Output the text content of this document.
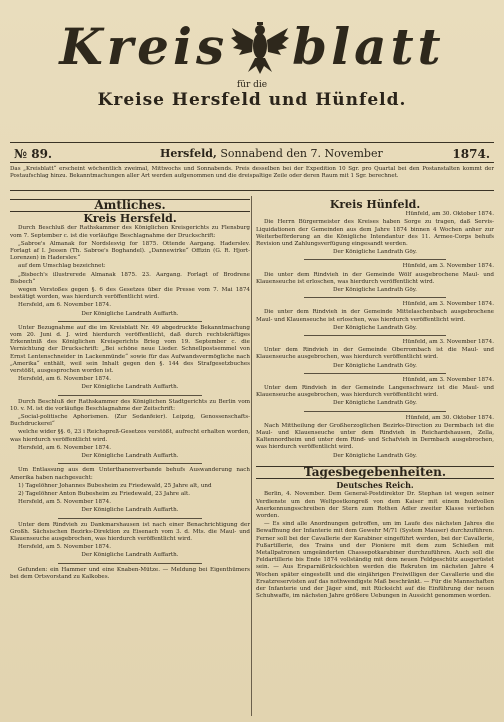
Kreis blatt
für die
Kreise Hersfeld und Hünfeld.
№ 89.	Hersfeld, Sonnabend den 7. November	1874.
Das „Kreisblatt“ erscheint wöchentlich zweimal, Mittwochs und Sonnabends. Preis desselben bei der Expedition 10 Sgr. pro Quartal bei den Postanstalten kommt der Postaufschlag hinzu. Bekanntmachungen aller Art werden aufgenommen und die dreispaltige Zeile oder deren Raum mit 1 Sgr. berechnet.
Amtliches.
Kreis Hersfeld.

Durch Beschluß der Rathskammer des Königlichen Kreisgerichts zu Flensburg vom 7. September c. ist die vorläufige Beschlagnahme der Druckschrift:

„Sabroe's Almanak for Nordslesvig for 1875. Ottende Aargang. Haderslev. Forlagt af I. Jessen (Th. Sabroe's Boghandel). „Dannewirke“ Offizin (G. R. Hjort-Lorenzen) in Haderslev.“

auf dem Umschlag bezeichnet:

„Bisbech's illustrerede Almanak 1875. 23. Aargang. Forlagt of Brodrene Bisbech“

wegen Verstoßes gegen §. 6 des Gesetzes über die Presse vom 7. Mai 1874 bestätigt worden, was hierdurch veröffentlicht wird.

Hersfeld, am 6. November 1874.

Der Königliche Landrath Auffarth.

Unter Bezugnahme auf die im Kreisblatt Nr. 49 abgedruckte Bekanntmachung vom 20. Juni d. J. wird hierdurch veröffentlicht, daß durch rechtskräftiges Erkenntniß des Königlichen Kreisgerichts Brieg vom 19. September c. die Vernichtung der Druckschrift: „Bei schöne neue Lieder. Schnellpostsemmel von Ernst Lentenschneider in Lackenmünde“ sowie für das Aufwandsvermögliche nach „Amerika“ enthält, weil sein Inhalt gegen den §. 144 des Strafgesetzbuches verstößt, ausgesprochen worden ist.

Hersfeld, am 6. November 1874.

Der Königliche Landrath Auffarth.

Durch Beschluß der Rathskammer des Königlichen Stadtgerichts zu Berlin vom 10. v. M. ist die vorläufige Beschlagnahme der Zeitschrift:

„Social-politische Aphorismen. (Zur Sedanfeier). Leipzig, Genossenschafts-Buchdruckerei“

welche wider §§. 6, 23 i Reichspreß-Gesetzes verstößt, aufrecht erhalten worden, was hierdurch veröffentlicht wird.

Hersfeld, am 6. November 1874.

Der Königliche Landrath Auffarth.

Um Entlassung aus dem Unterthanenverbande behufs Auswanderung nach Amerika haben nachgesucht:

1) Tagelöhner Johannes Bubesheim zu Friedewald, 25 Jahre alt, und

2) Tagelöhner Anton Bubesheim zu Friedewald, 23 Jahre alt.

Hersfeld, am 5. November 1874.

Der Königliche Landrath Auffarth.

Unter dem Rindvieh zu Dankmarshausen ist nach einer Benachrichtigung der Großh. Sächsischen Bezirks-Direktion zu Eisenach vom 3. d. Mts. die Maul- und Klauenseuche ausgebrochen, was hierdurch veröffentlicht wird.

Hersfeld, am 5. November 1874.

Der Königliche Landrath Auffarth.

Gefunden: ein Hammer und eine Knaben-Mütze. — Meldung bei Eigenthümers bei dem Ortsvorstand zu Kalkobes.

Kreis Hünfeld.

Hünfeld, am 30. Oktober 1874.

Die Herrn Bürgermeister des Kreises haben Sorge zu tragen, daß Servis-Liquidationen der Gemeinden aus dem Jahre 1874 binnen 4 Wochen anher zur Weiterbeförderung an die Königliche Intendantur des 11. Armee-Corps behufs Revision und Zahlungsverfügung eingesandt werden.

Der Königliche Landrath Göy.

Hünfeld, am 3. November 1874.

Die unter dem Rindvieh in der Gemeinde Wölf ausgebrochene Maul- und Klauenseuche ist erloschen, was hierdurch veröffentlicht wird.

Der Königliche Landrath Göy.

Hünfeld, am 3. November 1874.

Die unter dem Rindvieh in der Gemeinde Mittelaschenbach ausgebrochene Maul- und Klauenseuche ist erloschen, was hierdurch veröffentlicht wird.

Der Königliche Landrath Göy.

Hünfeld, am 3. November 1874.

Unter dem Rindvieh in der Gemeinde Oberrombach ist die Maul- und Klauenseuche ausgebrochen, was hierdurch veröffentlicht wird.

Der Königliche Landrath Göy.

Hünfeld, am 3. November 1874.

Unter dem Rindvieh in der Gemeinde Langenschwarz ist die Maul- und Klauenseuche ausgebrochen, was hierdurch veröffentlicht wird.

Der Königliche Landrath Göy.

Hünfeld, am 30. Oktober 1874.

Nach Mittheilung der Großherzoglichen Bezirks-Direction zu Dermbach ist die Maul- und Klauenseuche unter dem Rindvieh in Reichardshausen, Zella, Kaltennordheim und unter dem Rind- und Schafvieh in Dermbach ausgebrochen, was hierdurch veröffentlicht wird.

Der Königliche Landrath Göy.
Tagesbegebenheiten.
Deutsches Reich.

Berlin, 4. November. Dem General-Postdirektor Dr. Stephan ist wegen seiner Verdienste um den Weltpostkongreß von dem Kaiser mit einem huldvollen Anerkennungsschreiben der Stern zum Rothen Adler zweiter Klasse verliehen worden.

— Es sind alle Anordnungen getroffen, um im Laufe des nächsten Jahres die Bewaffnung der Infanterie mit dem Gewehr M/71 (System Mauser) durchzuführen. Ferner soll bei der Cavallerie der Karabiner eingeführt werden, bei der Cavallerie, Fußartillerie, des Trains und der Pioniere mit dem zum Schießen mit Metallpatronen umgeänderten Chassepotkarabiner durchzuführen. Auch soll die Feldartillerie bis Ende 1874 vollständig mit dem neuen Feldgeschütz ausgerüstet sein. — Aus Ersparnißrücksichten werden die Rekruten im nächsten Jahre 4 Wochen später eingestellt und die einjährigen Freiwilligen der Cavallerie und die Ersatzreservisten auf das nothwendigste Maß beschränkt. — Für die Mannschaften der Infanterie und der Jäger sind, mit Rücksicht auf die Einführung der neuen Schuhwaffe, im nächsten Jahre größere Uebungen in Aussicht genommen worden.
